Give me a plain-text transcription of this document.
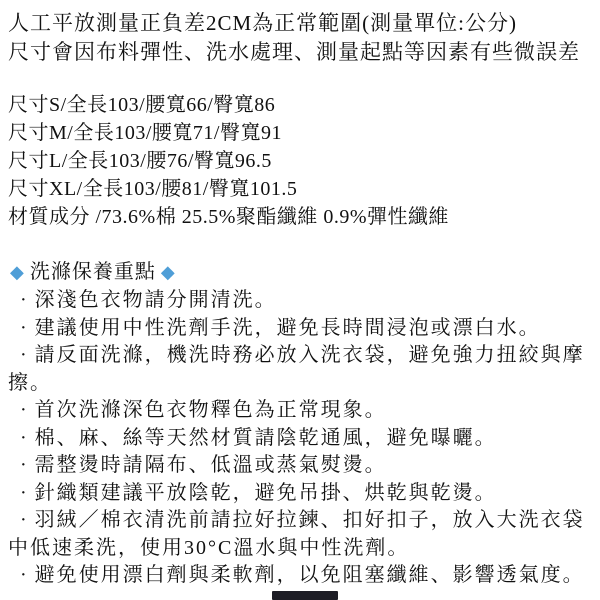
人工平放測量正負差2CM為正常範圍(測量單位:公分)

尺寸會因布料彈性、洗水處理、測量起點等因素有些微誤差

尺寸S/全長103/腰寬66/臀寬86

尺寸M/全長103/腰寬71/臀寬91

尺寸L/全長103/腰76/臀寬96.5

尺寸XL/全長103/腰81/臀寬101.5

材質成分 /73.6%棉 25.5%聚酯纖維 0.9%彈性纖維

◆ 洗滌保養重點 ◆

· 深淺色衣物請分開清洗。

· 建議使用中性洗劑手洗，避免長時間浸泡或漂白水。

· 請反面洗滌，機洗時務必放入洗衣袋，避免強力扭絞與摩擦。

· 首次洗滌深色衣物釋色為正常現象。

· 棉、麻、絲等天然材質請陰乾通風，避免曝曬。

· 需整燙時請隔布、低溫或蒸氣熨燙。

· 針織類建議平放陰乾，避免吊掛、烘乾與乾燙。

· 羽絨／棉衣清洗前請拉好拉鍊、扣好扣子，放入大洗衣袋中低速柔洗，使用30°C溫水與中性洗劑。

· 避免使用漂白劑與柔軟劑，以免阻塞纖維、影響透氣度。
